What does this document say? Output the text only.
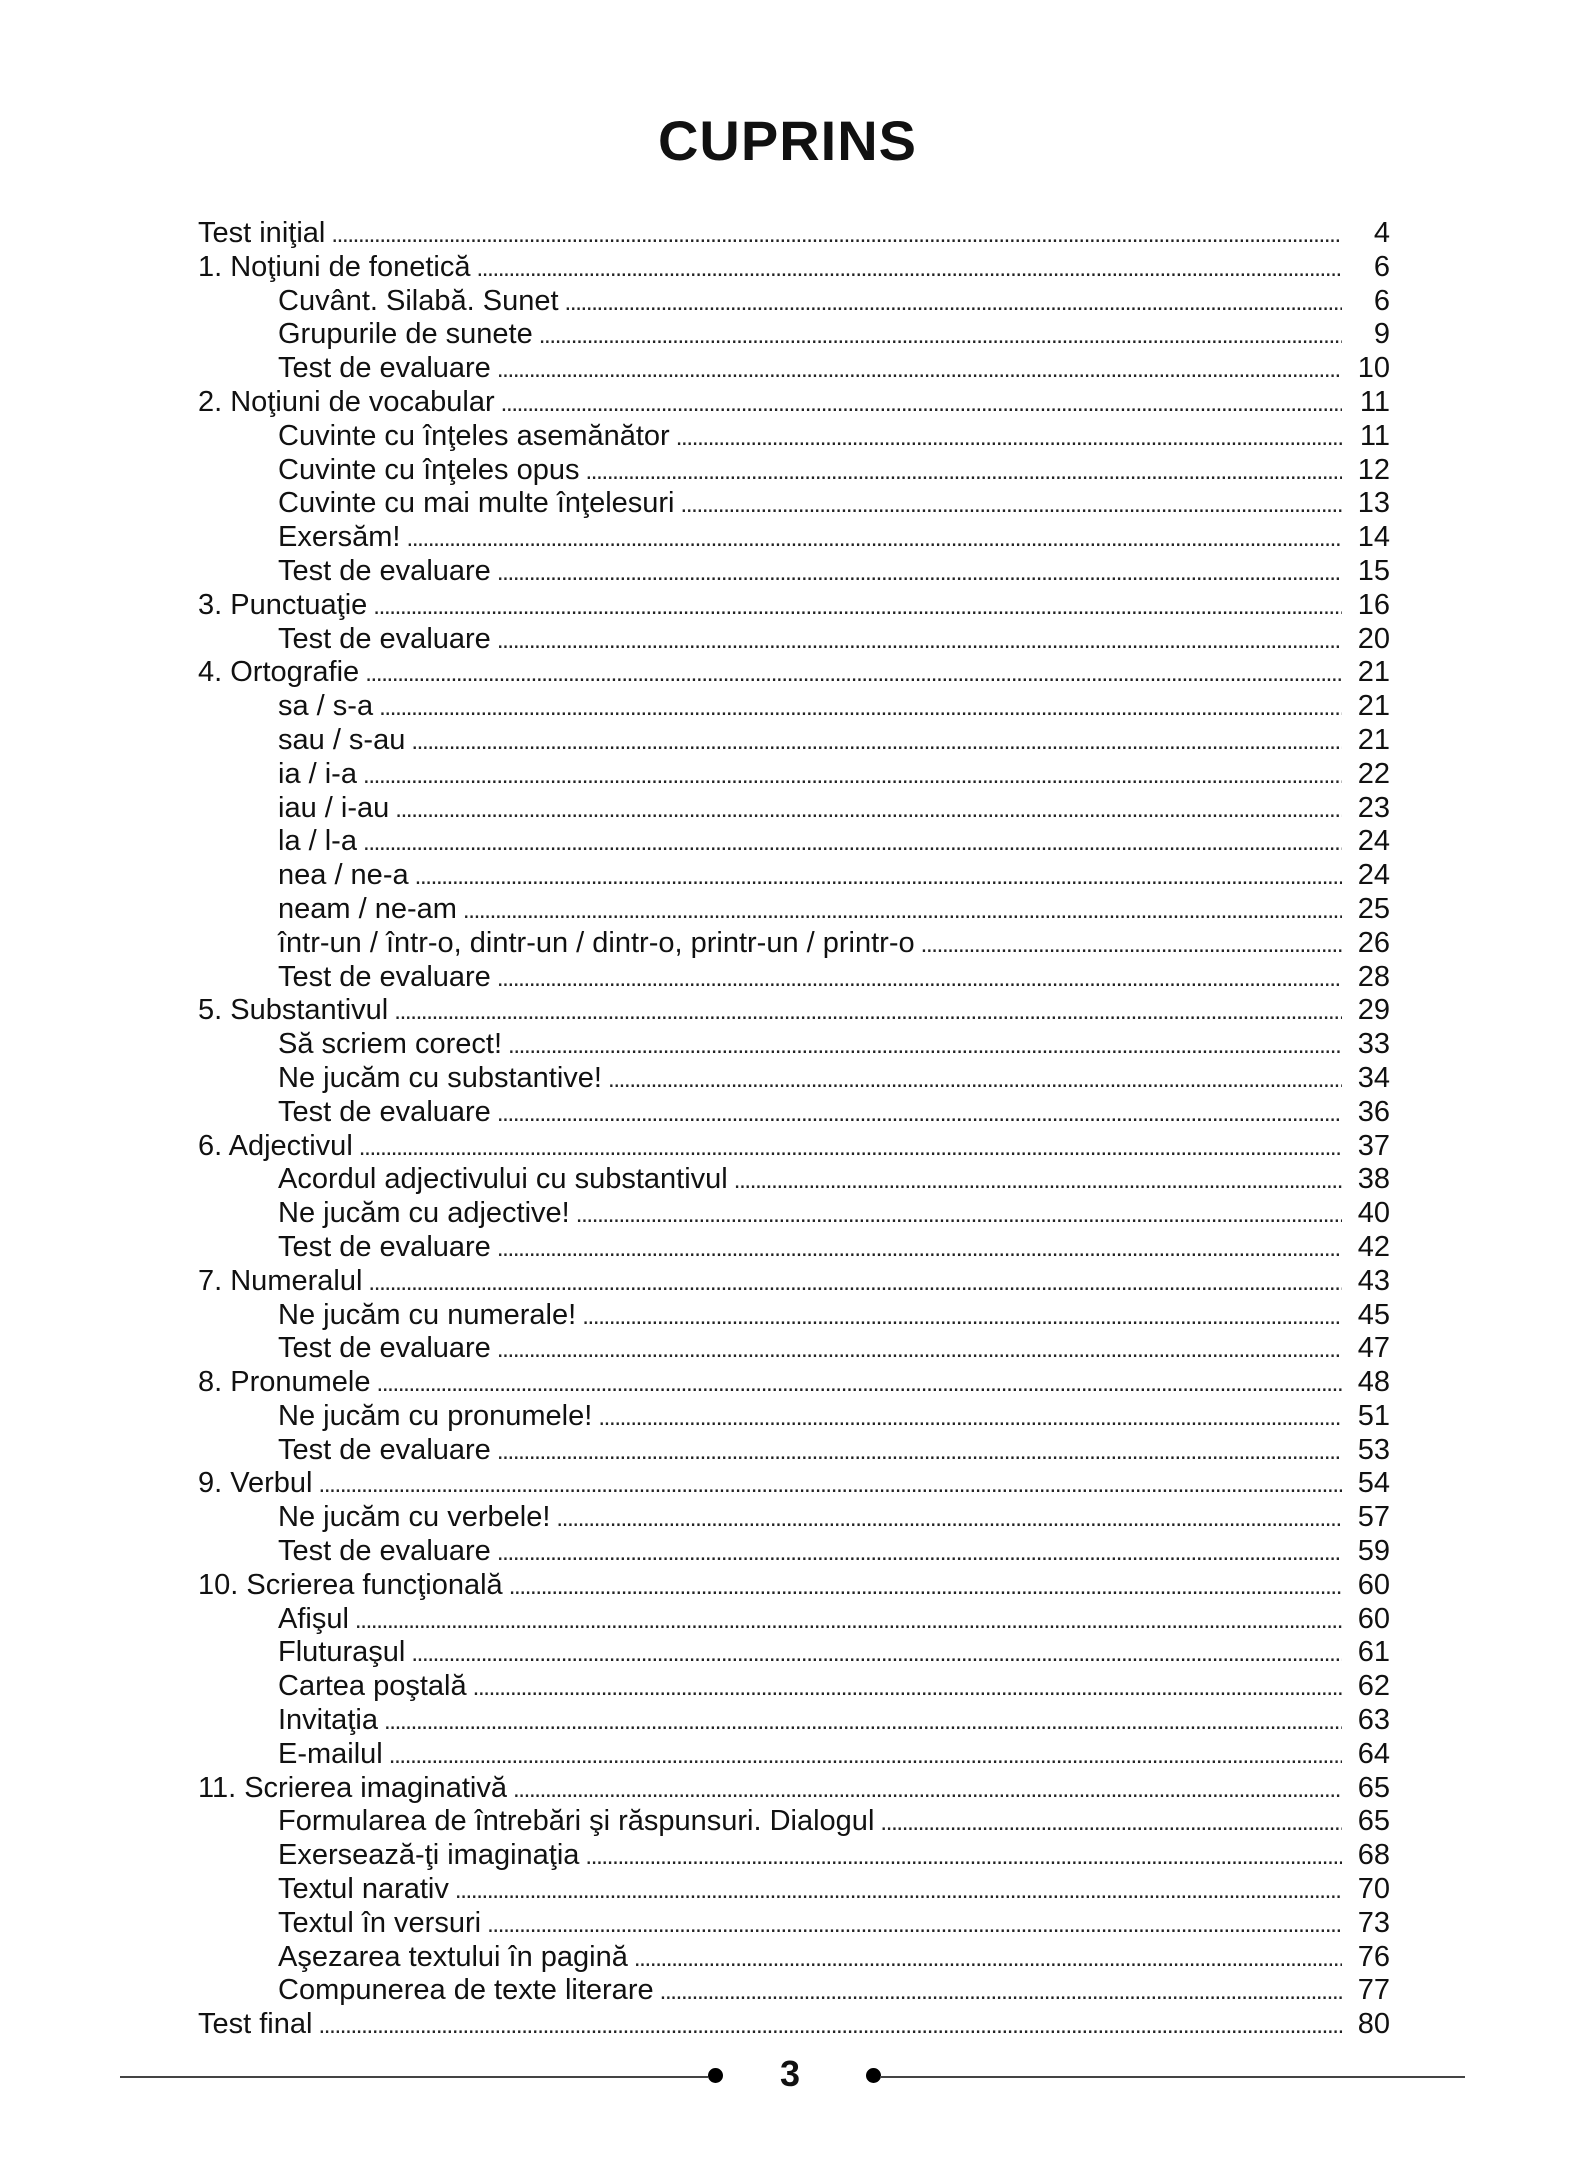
CUPRINS
Test iniţial . . .	4
1. Noţiuni de fonetică . . .	6
Cuvânt. Silabă. Sunet . . .	6
Grupurile de sunete . . .	9
Test de evaluare . . .	10
2. Noţiuni de vocabular . . .	11
Cuvinte cu înţeles asemănător . . .	11
Cuvinte cu înţeles opus . . .	12
Cuvinte cu mai multe înţelesuri . . .	13
Exersăm! . . .	14
Test de evaluare . . .	15
3. Punctuaţie . . .	16
Test de evaluare . . .	20
4. Ortografie . . .	21
sa / s-a . . .	21
sau / s-au . . .	21
ia / i-a . . .	22
iau / i-au . . .	23
la / l-a . . .	24
nea / ne-a . . .	24
neam / ne-am . . .	25
într-un / într-o, dintr-un / dintr-o, printr-un / printr-o . . .	26
Test de evaluare . . .	28
5. Substantivul . . .	29
Să scriem corect! . . .	33
Ne jucăm cu substantive! . . .	34
Test de evaluare . . .	36
6. Adjectivul . . .	37
Acordul adjectivului cu substantivul . . .	38
Ne jucăm cu adjective! . . .	40
Test de evaluare . . .	42
7. Numeralul . . .	43
Ne jucăm cu numerale! . . .	45
Test de evaluare . . .	47
8. Pronumele . . .	48
Ne jucăm cu pronumele! . . .	51
Test de evaluare . . .	53
9. Verbul . . .	54
Ne jucăm cu verbele! . . .	57
Test de evaluare . . .	59
10. Scrierea funcţională . . .	60
Afişul . . .	60
Fluturaşul . . .	61
Cartea poştală . . .	62
Invitaţia . . .	63
E-mailul . . .	64
11. Scrierea imaginativă . . .	65
Formularea de întrebări şi răspunsuri. Dialogul . . .	65
Exersează-ţi imaginaţia . . .	68
Textul narativ . . .	70
Textul în versuri . . .	73
Aşezarea textului în pagină . . .	76
Compunerea de texte literare . . .	77
Test final . . .	80
3
